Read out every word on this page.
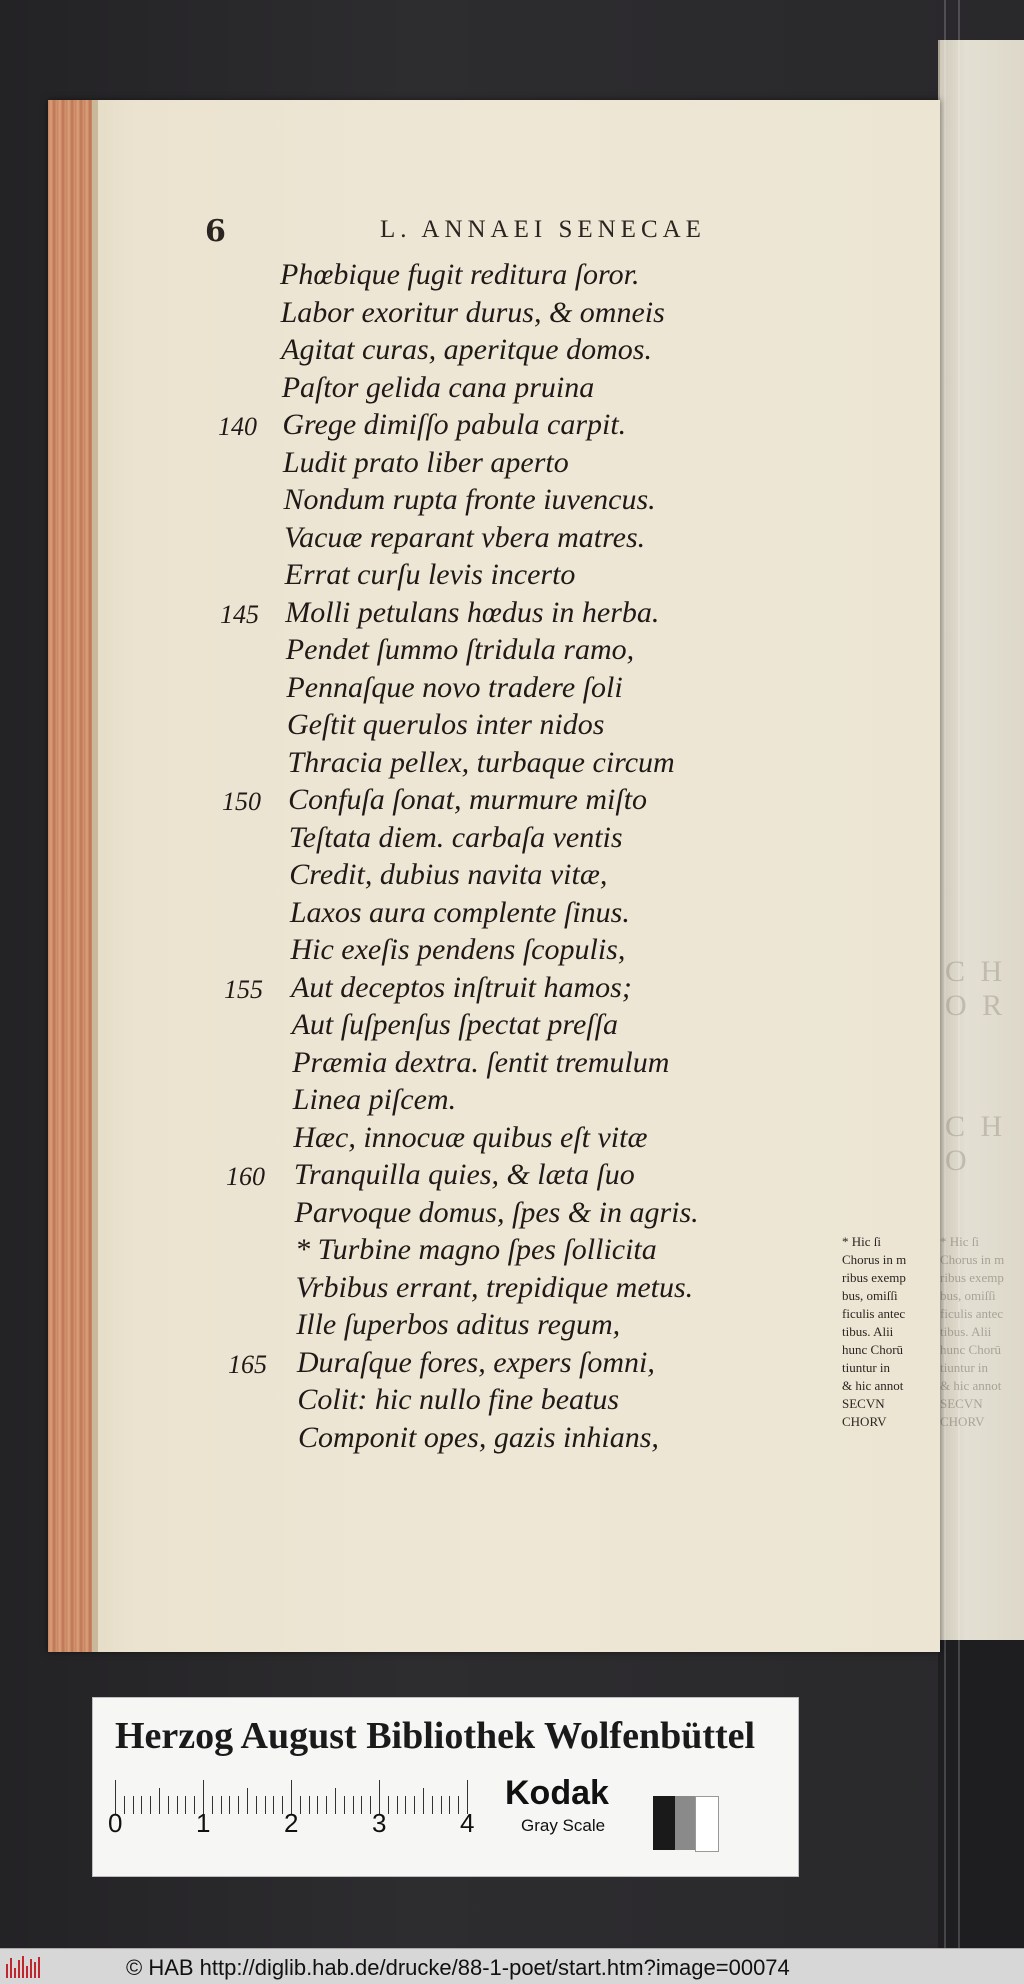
6	L. ANNAEI SENECAE
Phœbique fugit reditura ſoror.
Labor exoritur durus, & omneis
Agitat curas, aperitque domos.
Paſtor gelida cana pruina
Grege dimiſſo pabula carpit.
Ludit prato liber aperto
Nondum rupta fronte iuvencus.
Vacuæ reparant vbera matres.
Errat curſu levis incerto
Molli petulans hœdus in herba.
Pendet ſummo ſtridula ramo,
Pennaſque novo tradere ſoli
Geſtit querulos inter nidos
Thracia pellex, turbaque circum
Confuſa ſonat, murmure miſto
Teſtata diem. carbaſa ventis
Credit, dubius navita vitæ,
Laxos aura complente ſinus.
Hic exeſis pendens ſcopulis,
Aut deceptos inſtruit hamos;
Aut ſuſpenſus ſpectat preſſa
Præmia dextra. ſentit tremulum
Linea piſcem.
Hæc, innocuæ quibus eſt vitæ
Tranquilla quies, & læta ſuo
Parvoque domus, ſpes & in agris.
* Turbine magno ſpes ſollicita
Vrbibus errant, trepidique metus.
Ille ſuperbos aditus regum,
Duraſque fores, expers ſomni,
Colit: hic nullo fine beatus
Componit opes, gazis inhians,
140
145
150
155
160
165
* Hic ſi
Chorus in m
ribus exemp
bus, omiſſi
ficulis antec
tibus. Alii
hunc Chorū
tiuntur in
& hic annot
SECVN
CHORV
* Hic ſi
Chorus in m
ribus exemp
bus, omiſſi
ficulis antec
tibus. Alii
hunc Chorū
tiuntur in
& hic annot
SECVN
CHORV
C H O R
C H O
Herzog August Bibliothek Wolfenbüttel
0	1	2	3	4
Kodak
Gray Scale
© HAB http://diglib.hab.de/drucke/88-1-poet/start.htm?image=00074
